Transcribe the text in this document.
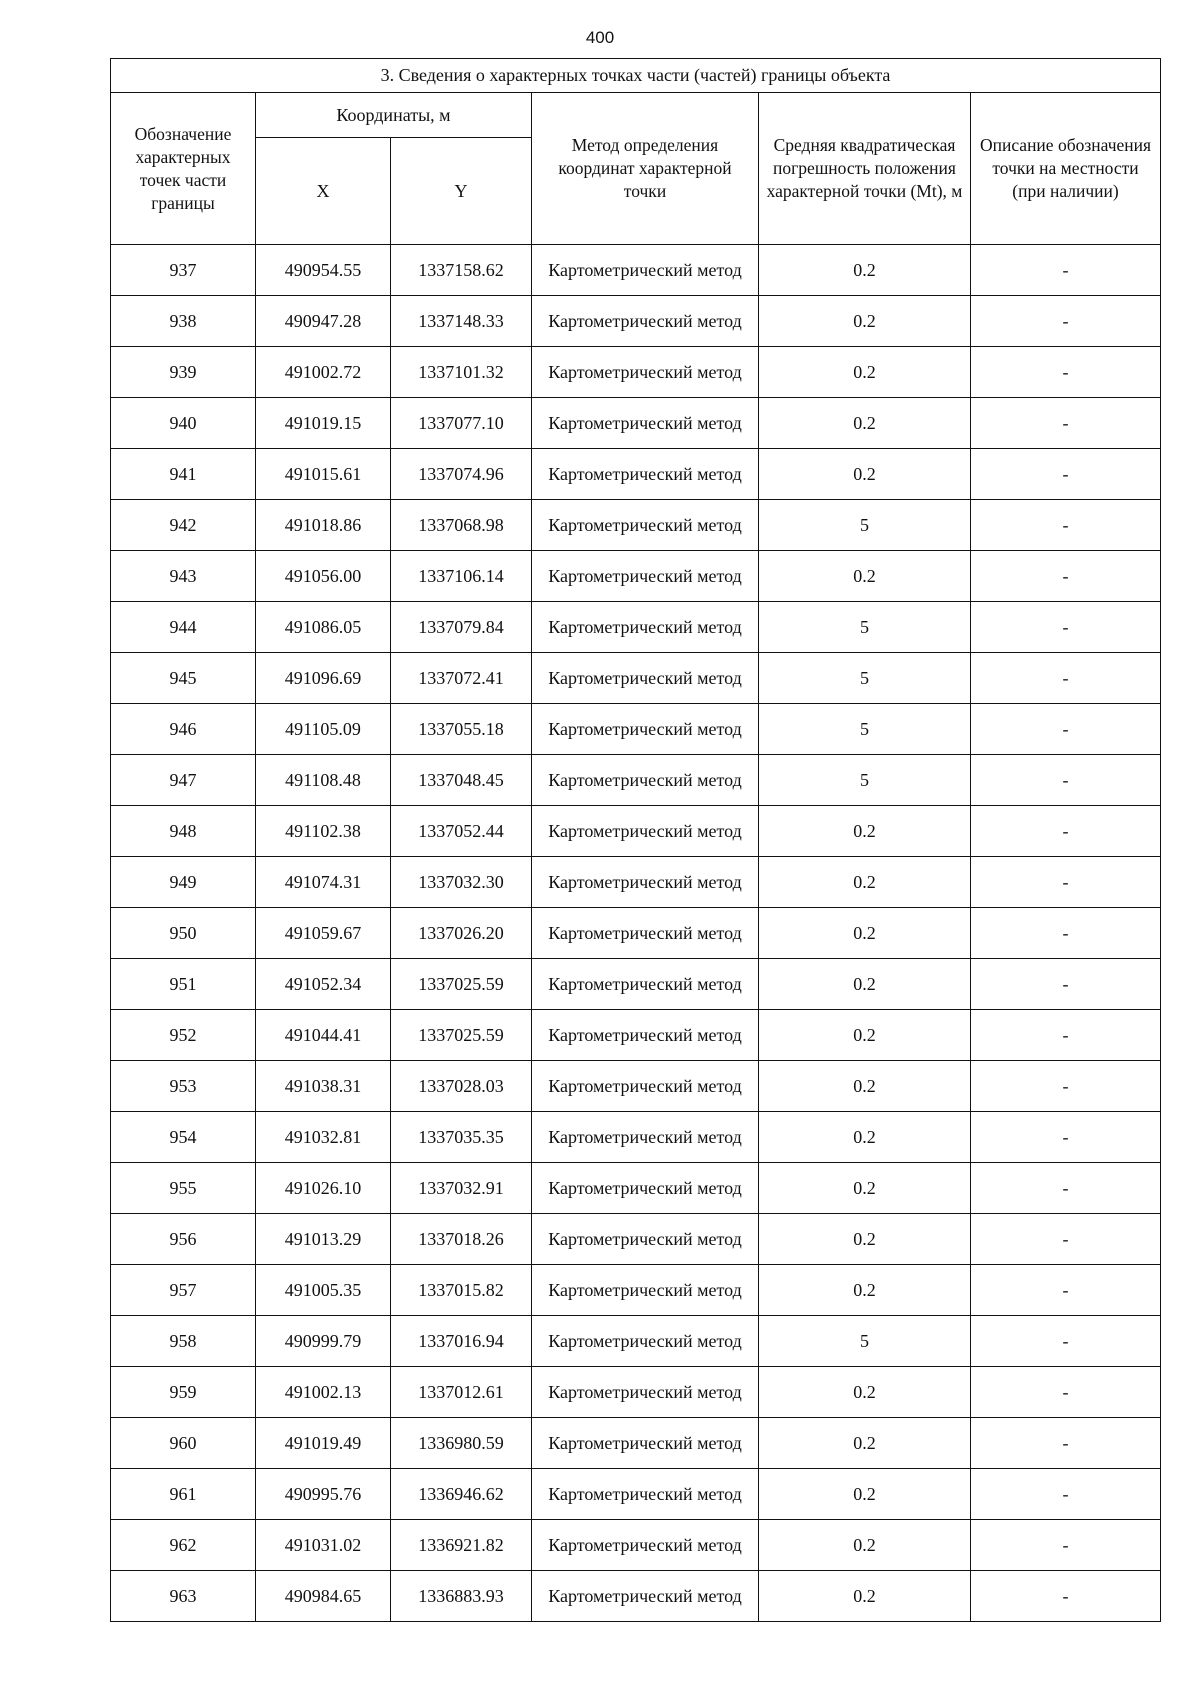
400
3. Сведения о характерных точках части (частей) границы объекта					
Обозначение характерных точек части границы	Координаты, м		Метод определения координат характерной точки	Средняя квадратическая погрешность положения характерной точки (Mt), м	Описание обозначения точки на местности (при наличии)
	X	Y			
937	490954.55	1337158.62	Картометрический метод	0.2	-
938	490947.28	1337148.33	Картометрический метод	0.2	-
939	491002.72	1337101.32	Картометрический метод	0.2	-
940	491019.15	1337077.10	Картометрический метод	0.2	-
941	491015.61	1337074.96	Картометрический метод	0.2	-
942	491018.86	1337068.98	Картометрический метод	5	-
943	491056.00	1337106.14	Картометрический метод	0.2	-
944	491086.05	1337079.84	Картометрический метод	5	-
945	491096.69	1337072.41	Картометрический метод	5	-
946	491105.09	1337055.18	Картометрический метод	5	-
947	491108.48	1337048.45	Картометрический метод	5	-
948	491102.38	1337052.44	Картометрический метод	0.2	-
949	491074.31	1337032.30	Картометрический метод	0.2	-
950	491059.67	1337026.20	Картометрический метод	0.2	-
951	491052.34	1337025.59	Картометрический метод	0.2	-
952	491044.41	1337025.59	Картометрический метод	0.2	-
953	491038.31	1337028.03	Картометрический метод	0.2	-
954	491032.81	1337035.35	Картометрический метод	0.2	-
955	491026.10	1337032.91	Картометрический метод	0.2	-
956	491013.29	1337018.26	Картометрический метод	0.2	-
957	491005.35	1337015.82	Картометрический метод	0.2	-
958	490999.79	1337016.94	Картометрический метод	5	-
959	491002.13	1337012.61	Картометрический метод	0.2	-
960	491019.49	1336980.59	Картометрический метод	0.2	-
961	490995.76	1336946.62	Картометрический метод	0.2	-
962	491031.02	1336921.82	Картометрический метод	0.2	-
963	490984.65	1336883.93	Картометрический метод	0.2	-
